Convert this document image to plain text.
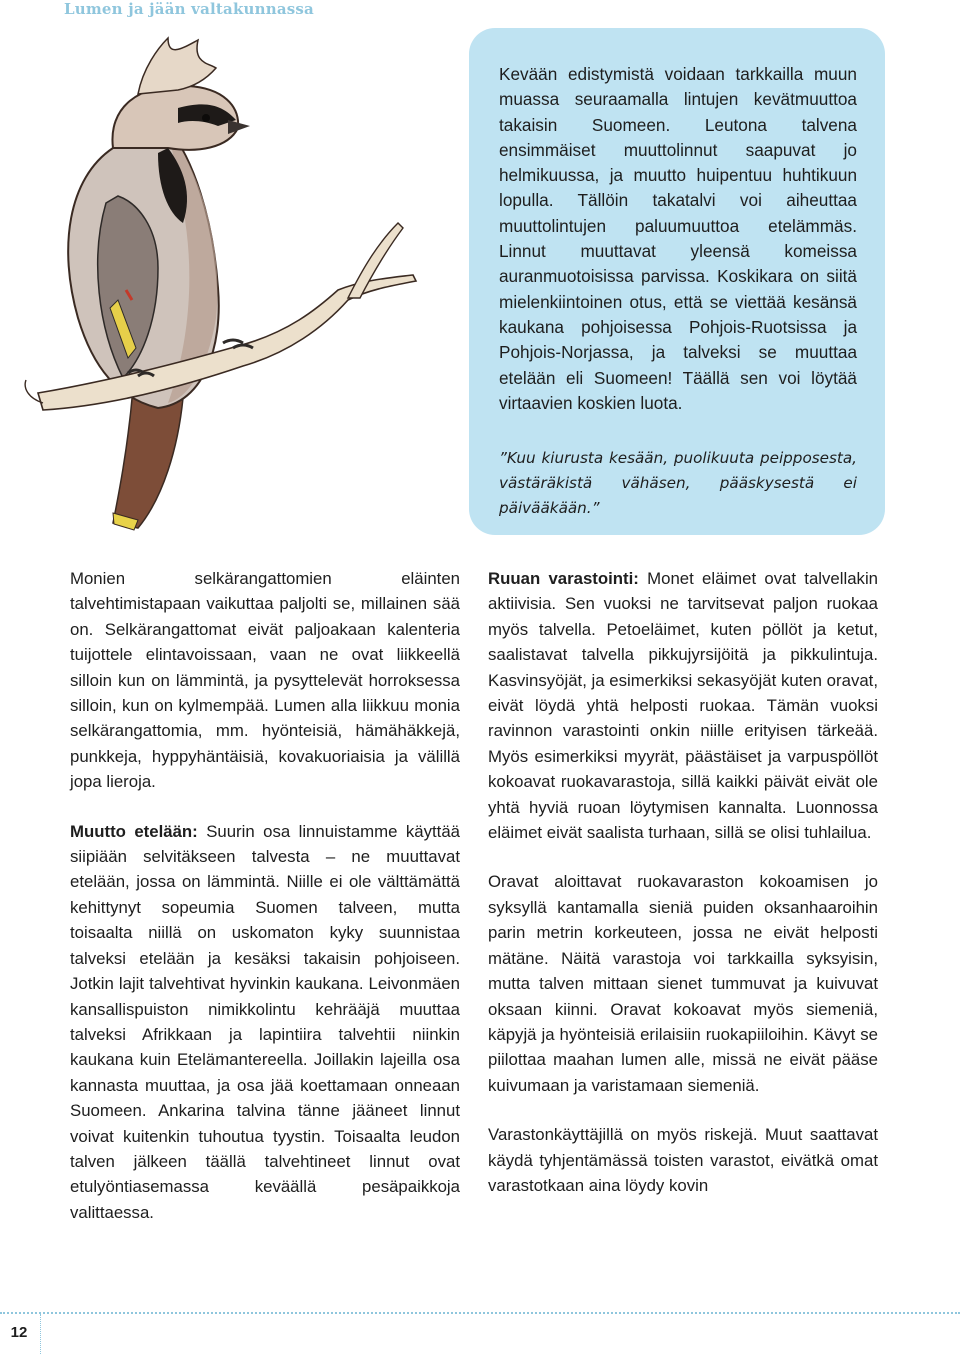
Lumen ja jään valtakunnassa

Kevään edistymistä voidaan tarkkailla muun muassa seuraamalla lintujen kevätmuuttoa takaisin Suomeen. Leutona talvena ensimmäiset muuttolinnut saapuvat jo helmikuussa, ja muutto huipentuu huhtikuun lopulla. Tällöin takatalvi voi aiheuttaa muuttolintujen paluumuuttoa etelämmäs. Linnut muuttavat yleensä komeissa auranmuotoisissa parvissa. Koskikara on siitä mielenkiintoinen otus, että se viettää kesänsä kaukana pohjoisessa Pohjois-Ruotsissa ja Pohjois-Norjassa, ja talveksi se muuttaa etelään eli Suomeen! Täällä sen voi löytää virtaavien koskien luota.

”Kuu kiurusta kesään, puolikuuta peipposesta, västäräkistä vähäsen, pääskysestä ei päivääkään.”

Monien selkärangattomien eläinten talvehtimistapaan vaikuttaa paljolti se, millainen sää on. Selkärangattomat eivät paljoakaan kalenteria tuijottele elintavoissaan, vaan ne ovat liikkeellä silloin kun on lämmintä, ja pysyttelevät horroksessa silloin, kun on kylmempää. Lumen alla liikkuu monia selkärangattomia, mm. hyönteisiä, hämähäkkejä, punkkeja, hyppyhäntäisiä, kovakuoriaisia ja välillä jopa lieroja.

Muutto etelään: Suurin osa linnuistamme käyttää siipiään selvitäkseen talvesta – ne muuttavat etelään, jossa on lämmintä. Niille ei ole välttämättä kehittynyt sopeumia Suomen talveen, mutta toisaalta niillä on uskomaton kyky suunnistaa talveksi etelään ja kesäksi takaisin pohjoiseen. Jotkin lajit talvehtivat hyvinkin kaukana. Leivonmäen kansallispuiston nimikkolintu kehrääjä muuttaa talveksi Afrikkaan ja lapintiira talvehtii niinkin kaukana kuin Etelämantereella. Joillakin lajeilla osa kannasta muuttaa, ja osa jää koettamaan onneaan Suomeen. Ankarina talvina tänne jääneet linnut voivat kuitenkin tuhoutua tyystin. Toisaalta leudon talven jälkeen täällä talvehtineet linnut ovat etulyöntiasemassa keväällä pesäpaikkoja valittaessa.

Ruuan varastointi: Monet eläimet ovat talvellakin aktiivisia. Sen vuoksi ne tarvitsevat paljon ruokaa myös talvella. Petoeläimet, kuten pöllöt ja ketut, saalistavat talvella pikkujyrsijöitä ja pikkulintuja. Kasvinsyöjät, ja esimerkiksi sekasyöjät kuten oravat, eivät löydä yhtä helposti ruokaa. Tämän vuoksi ravinnon varastointi onkin niille erityisen tärkeää. Myös esimerkiksi myyrät, päästäiset ja varpuspöllöt kokoavat ruokavarastoja, sillä kaikki päivät eivät ole yhtä hyviä ruoan löytymisen kannalta. Luonnossa eläimet eivät saalista turhaan, sillä se olisi tuhlailua.

Oravat aloittavat ruokavaraston kokoamisen jo syksyllä kantamalla sieniä puiden oksanhaaroihin parin metrin korkeuteen, jossa ne eivät helposti mätäne. Näitä varastoja voi tarkkailla syksyisin, mutta talven mittaan sienet tummuvat ja kuivuvat oksaan kiinni. Oravat kokoavat myös siemeniä, käpyjä ja hyönteisiä erilaisiin ruokapiiloihin. Kävyt se piilottaa maahan lumen alle, missä ne eivät pääse kuivumaan ja varistamaan siemeniä.

Varastonkäyttäjillä on myös riskejä. Muut saattavat käydä tyhjentämässä toisten varastot, eivätkä omat varastotkaan aina löydy kovin

12
